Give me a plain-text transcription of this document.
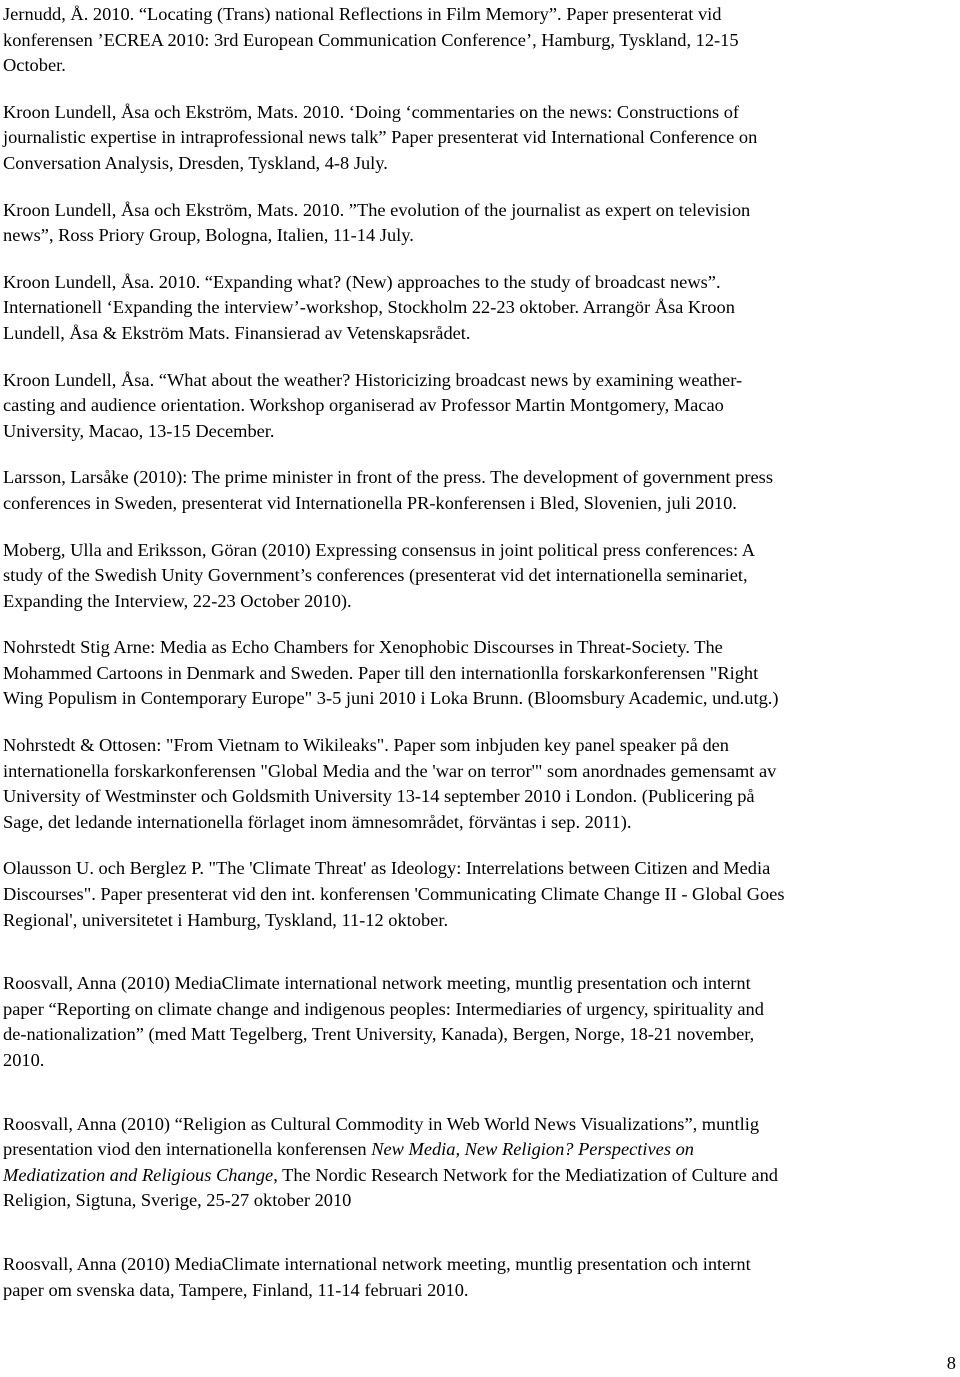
Jernudd, Å. 2010. “Locating (Trans) national Reflections in Film Memory”. Paper presenterat vid
konferensen ’ECREA 2010: 3rd European Communication Conference’, Hamburg, Tyskland, 12-15
October.

Kroon Lundell, Åsa och Ekström, Mats. 2010. ‘Doing ‘commentaries on the news: Constructions of
journalistic expertise in intraprofessional news talk” Paper presenterat vid International Conference on
Conversation Analysis, Dresden, Tyskland, 4-8 July.

Kroon Lundell, Åsa och Ekström, Mats. 2010. ”The evolution of the journalist as expert on television
news”, Ross Priory Group, Bologna, Italien, 11-14 July.

Kroon Lundell, Åsa. 2010. “Expanding what? (New) approaches to the study of broadcast news”.
Internationell ‘Expanding the interview’-workshop, Stockholm 22-23 oktober. Arrangör Åsa Kroon
Lundell, Åsa & Ekström Mats. Finansierad av Vetenskapsrådet.

Kroon Lundell, Åsa. “What about the weather? Historicizing broadcast news by examining weather-
casting and audience orientation. Workshop organiserad av Professor Martin Montgomery, Macao
University, Macao, 13-15 December.

Larsson, Larsåke (2010): The prime minister in front of the press. The development of government press
conferences in Sweden, presenterat vid Internationella PR-konferensen i Bled, Slovenien, juli 2010.

Moberg, Ulla and Eriksson, Göran (2010) Expressing consensus in joint political press conferences: A
study of the Swedish Unity Government’s conferences (presenterat vid det internationella seminariet,
Expanding the Interview, 22-23 October 2010).

Nohrstedt Stig Arne: Media as Echo Chambers for Xenophobic Discourses in Threat-Society. The
Mohammed Cartoons in Denmark and Sweden. Paper till den internationlla forskarkonferensen "Right
Wing Populism in Contemporary Europe" 3-5 juni 2010 i Loka Brunn. (Bloomsbury Academic, und.utg.)

Nohrstedt & Ottosen: "From Vietnam to Wikileaks". Paper som inbjuden key panel speaker på den
internationella forskarkonferensen "Global Media and the 'war on terror'" som anordnades gemensamt av
University of Westminster och Goldsmith University 13-14 september 2010 i London. (Publicering på
Sage, det ledande internationella förlaget inom ämnesområdet, förväntas i sep. 2011).

Olausson U. och Berglez P. "The 'Climate Threat' as Ideology: Interrelations between Citizen and Media
Discourses". Paper presenterat vid den int. konferensen 'Communicating Climate Change II - Global Goes
Regional', universitetet i Hamburg, Tyskland, 11-12 oktober.

Roosvall, Anna (2010) MediaClimate international network meeting, muntlig presentation och internt
paper “Reporting on climate change and indigenous peoples: Intermediaries of urgency, spirituality and
de-nationalization” (med Matt Tegelberg, Trent University, Kanada), Bergen, Norge, 18-21 november,
2010.

Roosvall, Anna (2010) “Religion as Cultural Commodity in Web World News Visualizations”, muntlig
presentation viod den internationella konferensen New Media, New Religion? Perspectives on
Mediatization and Religious Change, The Nordic Research Network for the Mediatization of Culture and
Religion, Sigtuna, Sverige, 25-27 oktober 2010

Roosvall, Anna (2010) MediaClimate international network meeting, muntlig presentation och internt
paper om svenska data, Tampere, Finland, 11-14 februari 2010.

8
